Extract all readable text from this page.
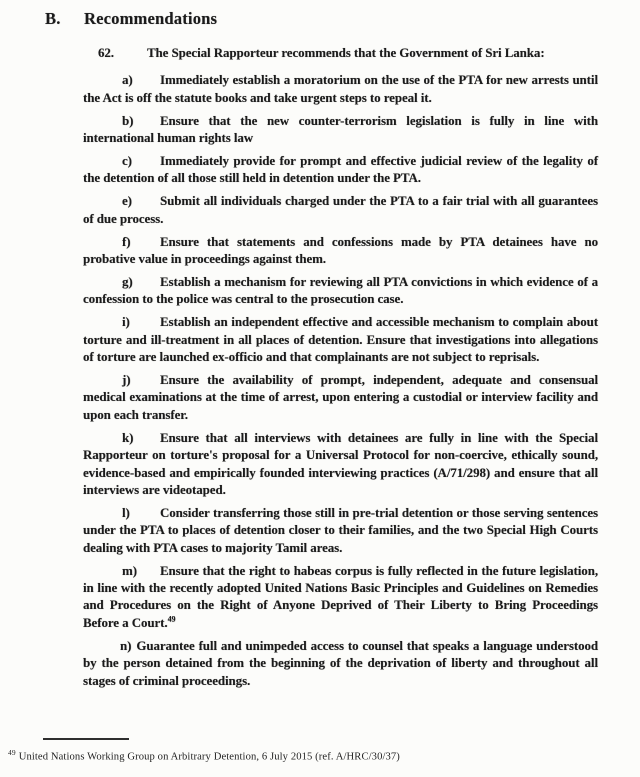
B. Recommendations

62.	The Special Rapporteur recommends that the Government of Sri Lanka:

a) Immediately establish a moratorium on the use of the PTA for new arrests until the Act is off the statute books and take urgent steps to repeal it.

b) Ensure that the new counter-terrorism legislation is fully in line with international human rights law

c) Immediately provide for prompt and effective judicial review of the legality of the detention of all those still held in detention under the PTA.

e) Submit all individuals charged under the PTA to a fair trial with all guarantees of due process.

f) Ensure that statements and confessions made by PTA detainees have no probative value in proceedings against them.

g) Establish a mechanism for reviewing all PTA convictions in which evidence of a confession to the police was central to the prosecution case.

i) Establish an independent effective and accessible mechanism to complain about torture and ill-treatment in all places of detention. Ensure that investigations into allegations of torture are launched ex-officio and that complainants are not subject to reprisals.

j) Ensure the availability of prompt, independent, adequate and consensual medical examinations at the time of arrest, upon entering a custodial or interview facility and upon each transfer.

k) Ensure that all interviews with detainees are fully in line with the Special Rapporteur on torture's proposal for a Universal Protocol for non-coercive, ethically sound, evidence-based and empirically founded interviewing practices (A/71/298) and ensure that all interviews are videotaped.

l) Consider transferring those still in pre-trial detention or those serving sentences under the PTA to places of detention closer to their families, and the two Special High Courts dealing with PTA cases to majority Tamil areas.

m) Ensure that the right to habeas corpus is fully reflected in the future legislation, in line with the recently adopted United Nations Basic Principles and Guidelines on Remedies and Procedures on the Right of Anyone Deprived of Their Liberty to Bring Proceedings Before a Court.$^{49}$

n) Guarantee full and unimpeded access to counsel that speaks a language understood by the person detained from the beginning of the deprivation of liberty and throughout all stages of criminal proceedings.

$^{49}$ United Nations Working Group on Arbitrary Detention, 6 July 2015 (ref. A/HRC/30/37)
